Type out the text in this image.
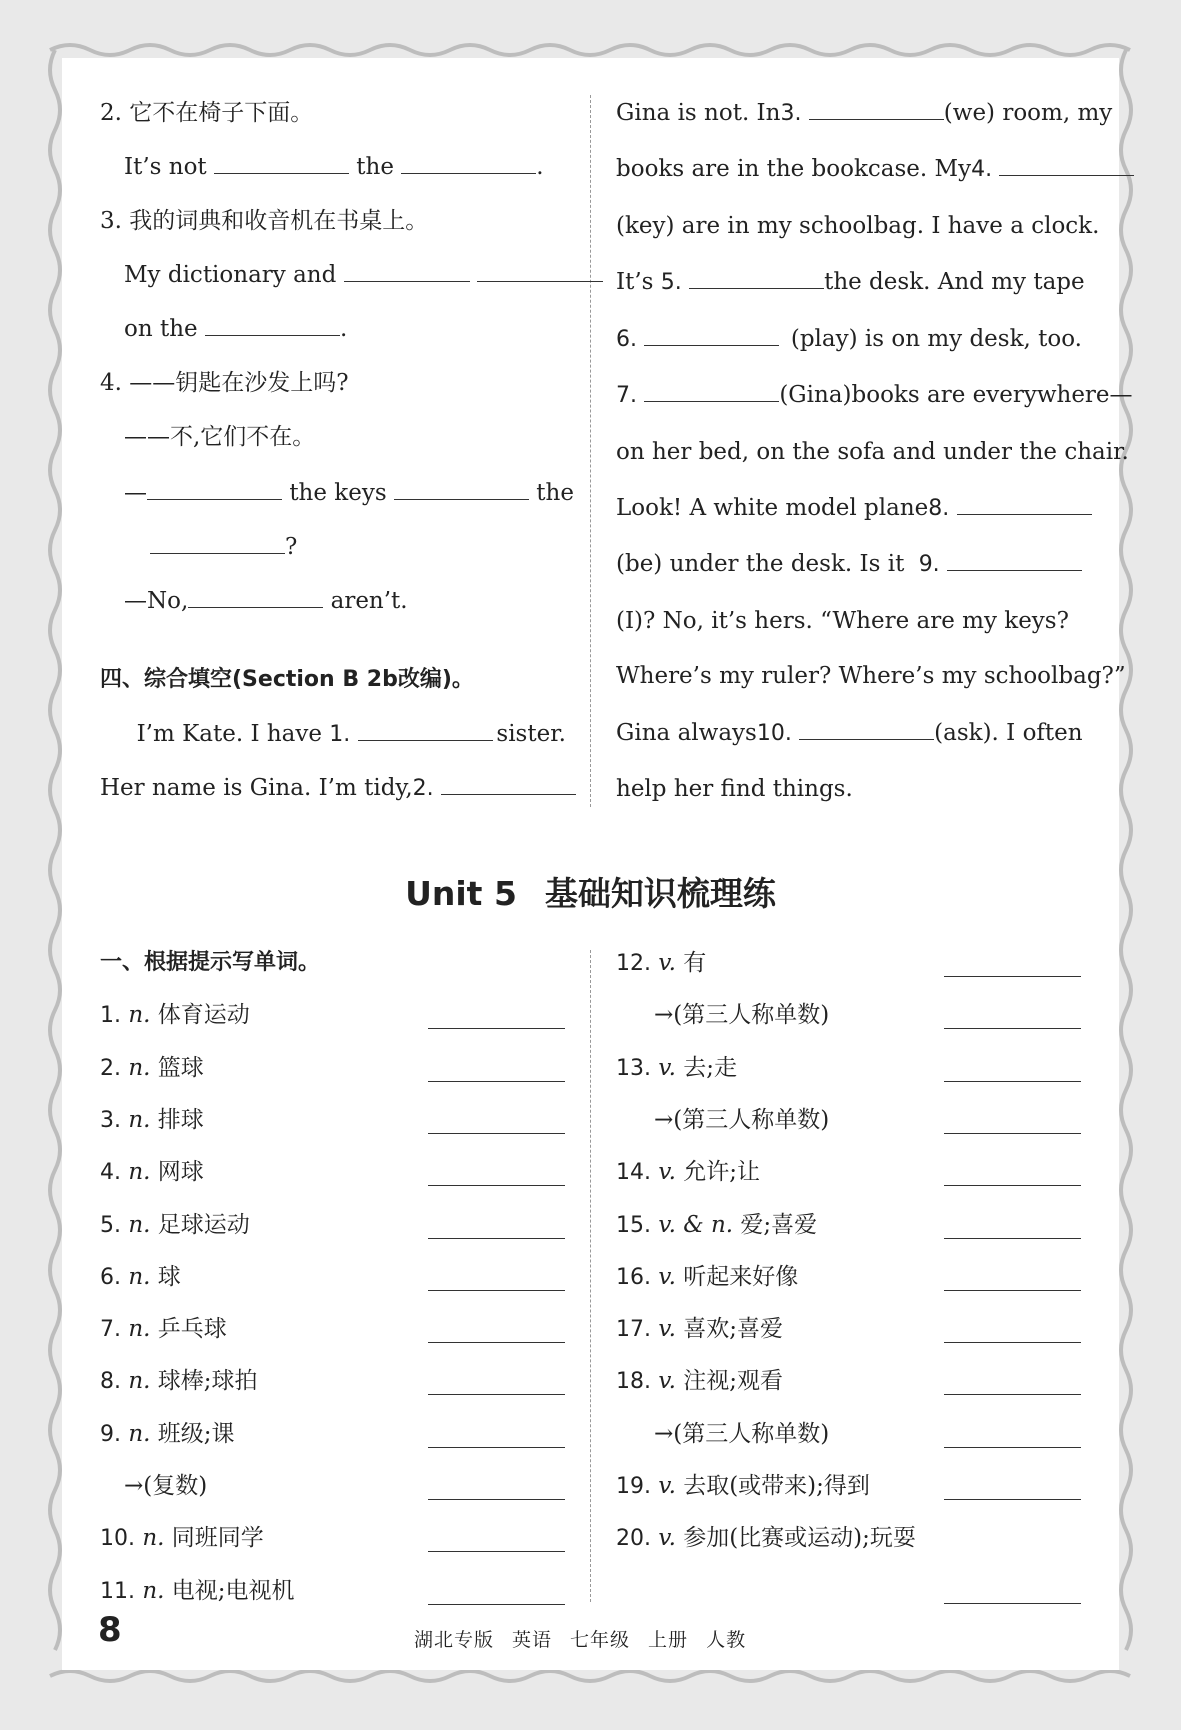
2. 它不在椅子下面。
It’s not	the	.
3. 我的词典和收音机在书桌上。
My dictionary and
on the	.
4. ——钥匙在沙发上吗?
——不,它们不在。
—	the keys	the
?
—No,	aren’t.
四、综合填空(Section B 2b改编)。
I’m Kate. I have 1.	sister.
Her name is Gina. I’m tidy, 2.
Gina is not. In 3.	(we) room, my
books are in the bookcase. My 4.
(key) are in my schoolbag. I have a clock.
It’s 5.	the desk. And my tape
6.	(play) is on my desk, too.
7.	(Gina)books are everywhere—
on her bed, on the sofa and under the chair.
Look! A white model plane 8.
(be) under the desk. Is it 9.
(I)? No, it’s hers. “Where are my keys?
Where’s my ruler? Where’s my schoolbag?”
Gina always 10.	(ask). I often
help her find things.
Unit 5 基础知识梳理练
一、根据提示写单词。
1. n. 体育运动
2. n. 篮球
3. n. 排球
4. n. 网球
5. n. 足球运动
6. n. 球
7. n. 乒乓球
8. n. 球棒;球拍
9. n. 班级;课
→(复数)
10. n. 同班同学
11. n. 电视;电视机
12. v. 有
→(第三人称单数)
13. v. 去;走
→(第三人称单数)
14. v. 允许;让
15. v. & n. 爱;喜爱
16. v. 听起来好像
17. v. 喜欢;喜爱
18. v. 注视;观看
→(第三人称单数)
19. v. 去取(或带来);得到
20. v. 参加(比赛或运动);玩耍
8	湖北专版 英语 七年级 上册 人教
